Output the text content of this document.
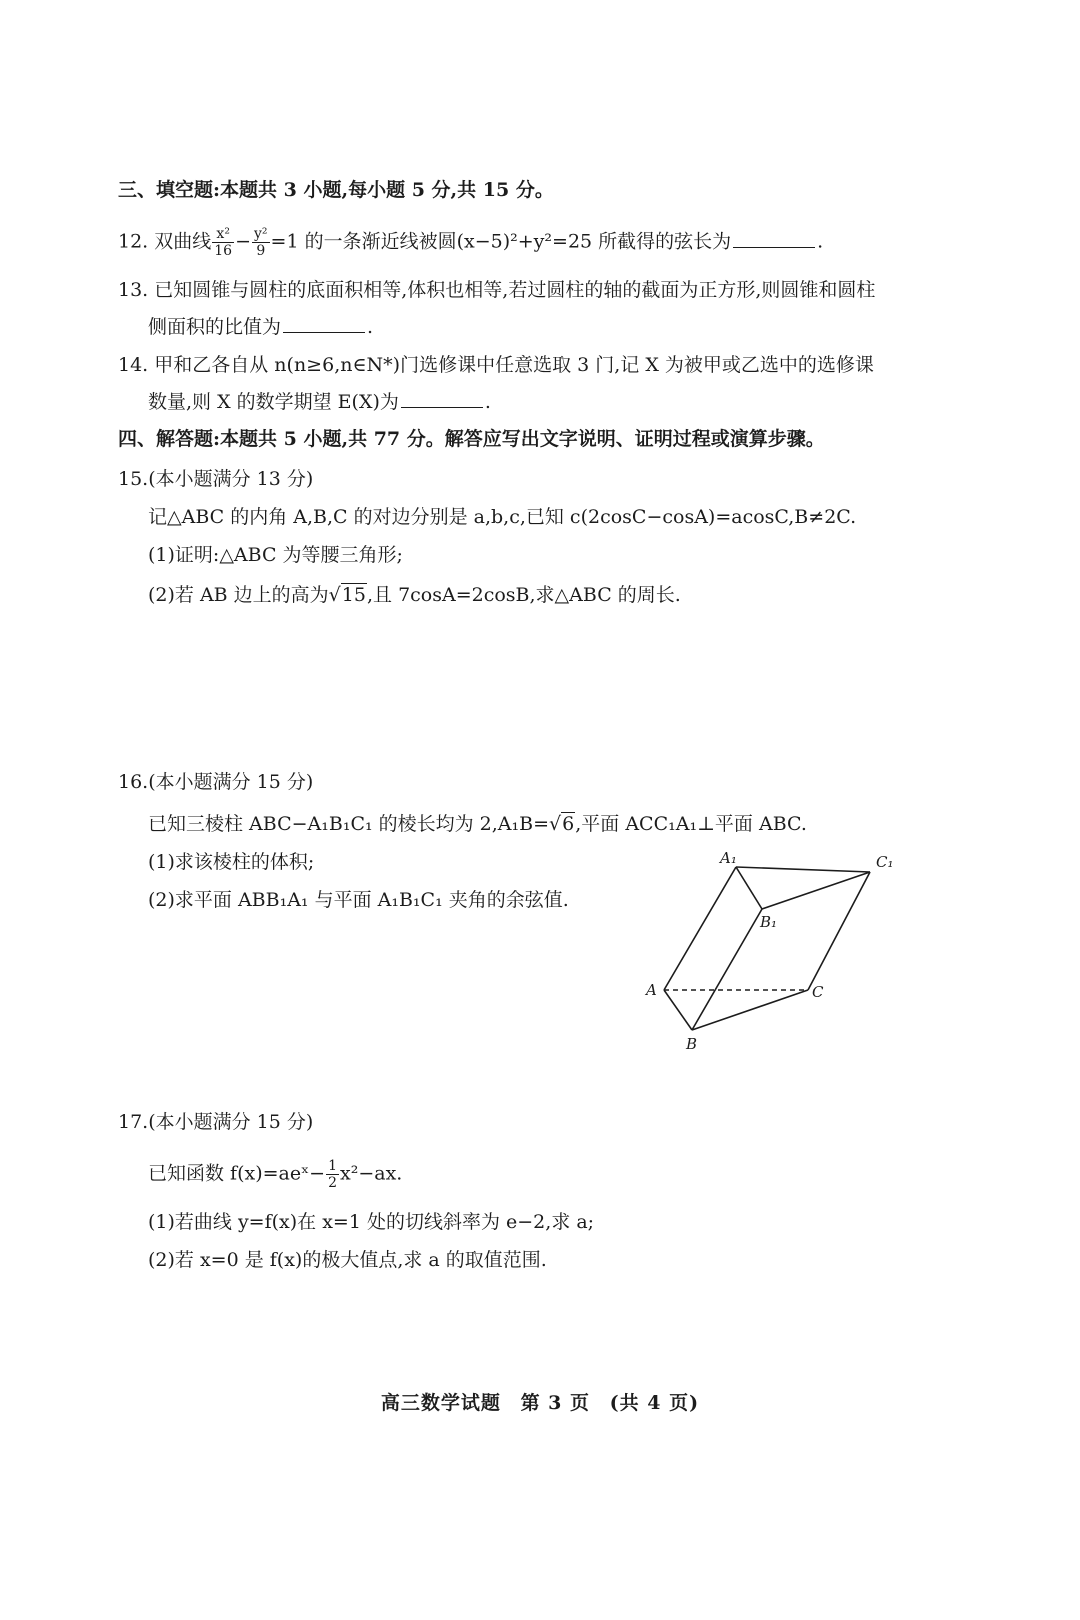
三、填空题:本题共 3 小题,每小题 5 分,共 15 分。
12. 双曲线 $\frac{\text{x²}}{16} - \frac{\text{y²}}{9} =1$ 的一条渐近线被圆(x−5)²+y²=25 所截得的弦长为	.
13. 已知圆锥与圆柱的底面积相等,体积也相等,若过圆柱的轴的截面为正方形,则圆锥和圆柱
侧面积的比值为	.
14. 甲和乙各自从 n(n≥6,n∈N*)门选修课中任意选取 3 门,记 X 为被甲或乙选中的选修课
数量,则 X 的数学期望 E(X)为	.
四、解答题:本题共 5 小题,共 77 分。解答应写出文字说明、证明过程或演算步骤。
15.(本小题满分 13 分)
记△ABC 的内角 A,B,C 的对边分别是 a,b,c,已知 c(2cosC−cosA)=acosC,B≠2C.
(1)证明:△ABC 为等腰三角形;
(2)若 AB 边上的高为√15,且 7cosA=2cosB,求△ABC 的周长.
16.(本小题满分 15 分)
已知三棱柱 ABC−A₁B₁C₁ 的棱长均为 2,A₁B=√6,平面 ACC₁A₁⊥平面 ABC.
(1)求该棱柱的体积;
(2)求平面 ABB₁A₁ 与平面 A₁B₁C₁ 夹角的余弦值.
A₁	C₁
B₁
A	C
B
17.(本小题满分 15 分)
已知函数 f(x)=aeˣ− $\frac{1}{2} x^2-ax$.
(1)若曲线 y=f(x)在 x=1 处的切线斜率为 e−2,求 a;
(2)若 x=0 是 f(x)的极大值点,求 a 的取值范围.
高三数学试题 第 3 页 (共 4 页)
